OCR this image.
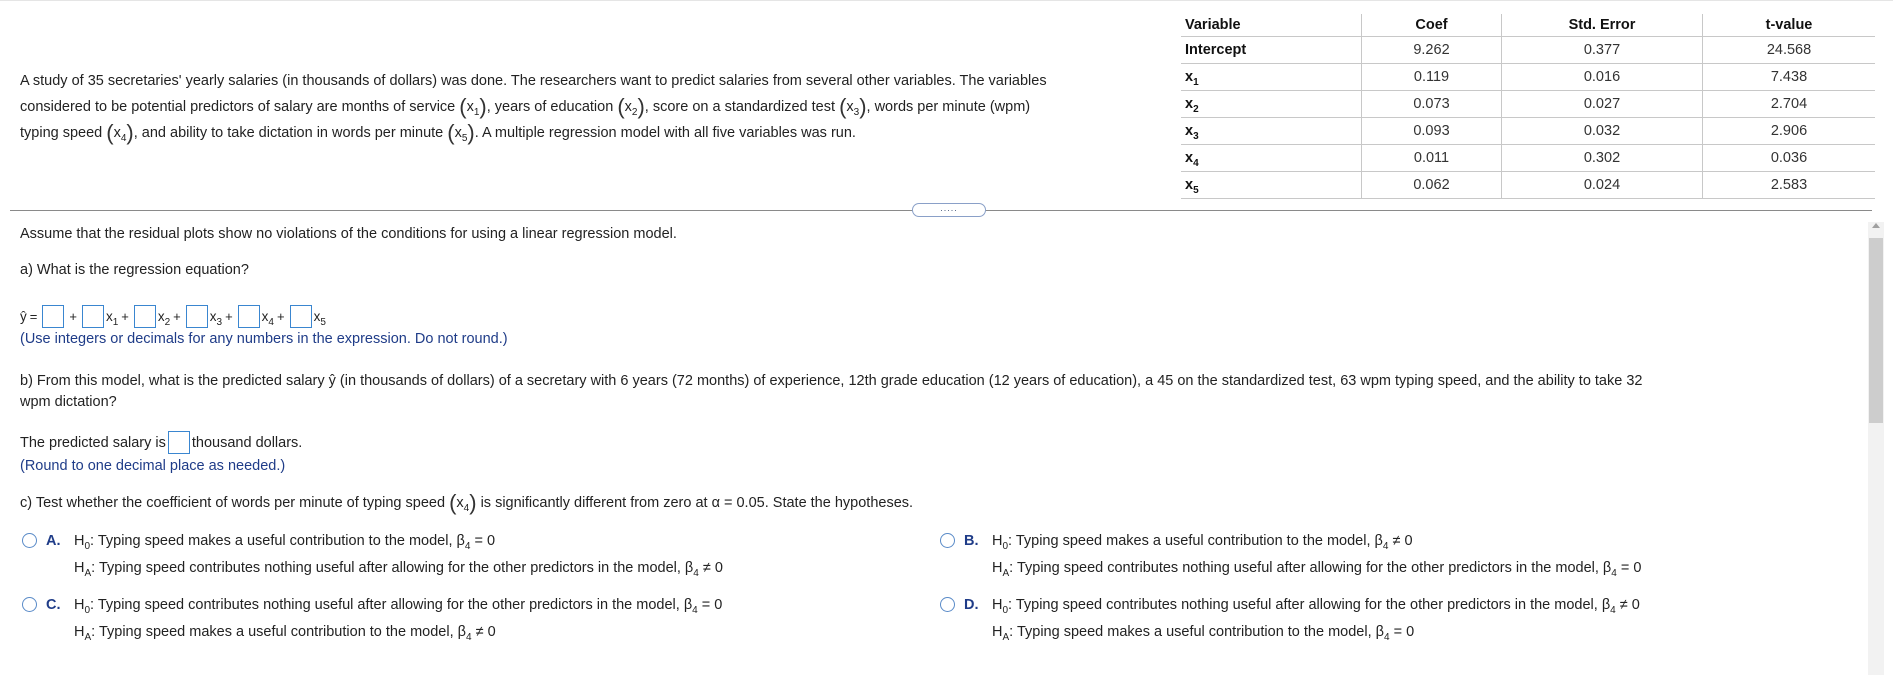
A study of 35 secretaries' yearly salaries (in thousands of dollars) was done. The researchers want to predict salaries from several other variables. The variables
considered to be potential predictors of salary are months of service $(x_1)$, years of education $(x_2)$, score on a standardized test $(x_3)$, words per minute (wpm)
typing speed $(x_4)$, and ability to take dictation in words per minute $(x_5)$. A multiple regression model with all five variables was run.
Variable	Coef	Std. Error	t-value
Intercept	9.262	0.377	24.568
$x_1$	0.119	0.016	7.438
$x_2$	0.073	0.027	2.704
$x_3$	0.093	0.032	2.906
$x_4$	0.011	0.302	0.036
$x_5$	0.062	0.024	2.583
.....
Assume that the residual plots show no violations of the conditions for using a linear regression model.
a) What is the regression equation?
ŷ = + $x_1 + x_2 + x_3 + x_4 + x_5$
(Use integers or decimals for any numbers in the expression. Do not round.)
b) From this model, what is the predicted salary ŷ (in thousands of dollars) of a secretary with 6 years (72 months) of experience, 12th grade education (12 years of education), a 45 on the standardized test, 63 wpm typing speed, and the ability to take 32
wpm dictation?
The predicted salary is thousand dollars.
(Round to one decimal place as needed.)
c) Test whether the coefficient of words per minute of typing speed $(x_4)$ is significantly different from zero at α = 0.05. State the hypotheses.
A. $H_0$: Typing speed makes a useful contribution to the model, $\beta_4 = 0$
$H_A$: Typing speed contributes nothing useful after allowing for the other predictors in the model, $\beta_4 \ne 0$
B. $H_0$: Typing speed makes a useful contribution to the model, $\beta_4 \ne 0$
$H_A$: Typing speed contributes nothing useful after allowing for the other predictors in the model, $\beta_4 = 0$
C. $H_0$: Typing speed contributes nothing useful after allowing for the other predictors in the model, $\beta_4 = 0$
$H_A$: Typing speed makes a useful contribution to the model, $\beta_4 \ne 0$
D. $H_0$: Typing speed contributes nothing useful after allowing for the other predictors in the model, $\beta_4 \ne 0$
$H_A$: Typing speed makes a useful contribution to the model, $\beta_4 = 0$
